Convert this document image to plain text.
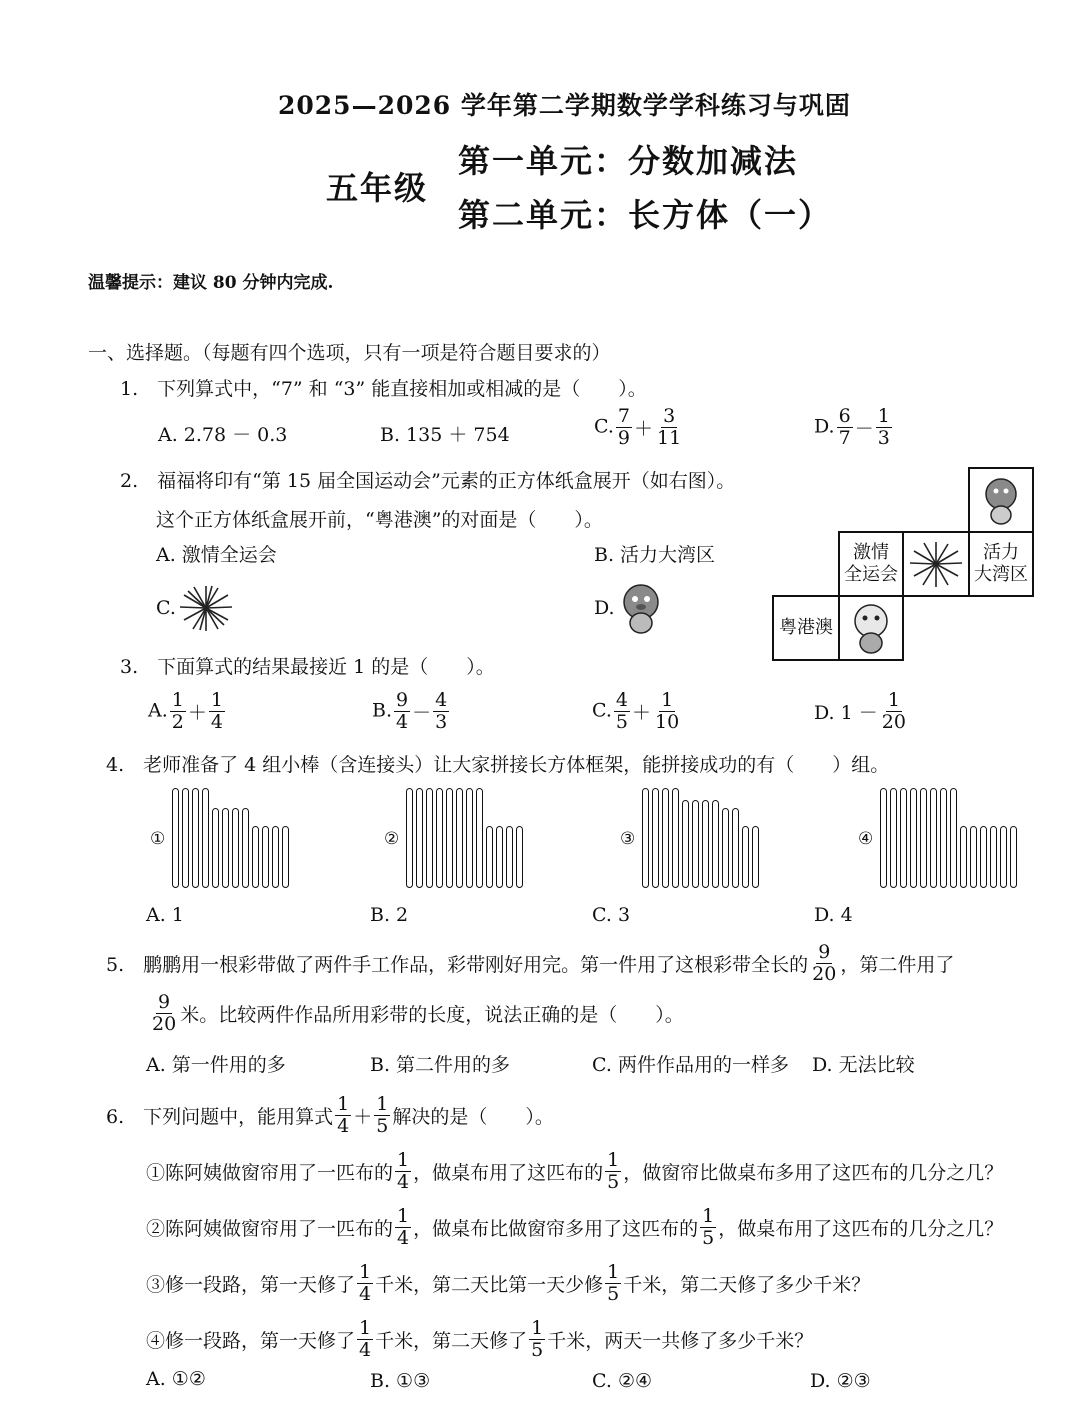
2025—2026 学年第二学期数学学科练习与巩固
五年级
第一单元：分数加减法
第二单元：长方体（一）
温馨提示：建议 80 分钟内完成.
一、选择题。（每题有四个选项，只有一项是符合题目要求的）
1.　下列算式中，“7” 和 “3” 能直接相加或相减的是（　　）。
A. 2.78 － 0.3	B. 135 ＋ 754	C. $\frac{7}{9} + \frac{3}{11}$	D. $\frac{6}{7} - \frac{1}{3}$
2.　福福将印有“第 15 届全国运动会”元素的正方体纸盒展开（如右图）。
这个正方体纸盒展开前，“粤港澳”的对面是（　　）。
A. 激情全运会	B. 活力大湾区
C.	D.
激情
全运会
活力
大湾区
粤港澳
3.　下面算式的结果最接近 1 的是（　　）。
A. $\frac{1}{2} + \frac{1}{4}$	B. $\frac{9}{4} - \frac{4}{3}$	C. $\frac{4}{5} + \frac{1}{10}$	D. $1 - \frac{1}{20}$
4.　老师准备了 4 组小棒（含连接头）让大家拼接长方体框架，能拼接成功的有（　　）组。
①	②	③	④
A. 1	B. 2	C. 3	D. 4
5.　鹏鹏用一根彩带做了两件手工作品，彩带刚好用完。第一件用了这根彩带全长的 $\frac{9}{20}$ ，第二件用了
$\frac{9}{20}$ 米。比较两件作品所用彩带的长度，说法正确的是（　　）。
A. 第一件用的多	B. 第二件用的多	C. 两件作品用的一样多 D. 无法比较
6.　下列问题中，能用算式 $\frac{1}{4} + \frac{1}{5}$ 解决的是（　　）。
①陈阿姨做窗帘用了一匹布的 $\frac{1}{4}$ ，做桌布用了这匹布的 $\frac{1}{5}$ ，做窗帘比做桌布多用了这匹布的几分之几？
②陈阿姨做窗帘用了一匹布的 $\frac{1}{4}$ ，做桌布比做窗帘多用了这匹布的 $\frac{1}{5}$ ，做桌布用了这匹布的几分之几？
③修一段路，第一天修了 $\frac{1}{4}$ 千米，第二天比第一天少修 $\frac{1}{5}$ 千米，第二天修了多少千米？
④修一段路，第一天修了 $\frac{1}{4}$ 千米，第二天修了 $\frac{1}{5}$ 千米，两天一共修了多少千米？
A. ①②	B. ①③	C. ②④	D. ②③
